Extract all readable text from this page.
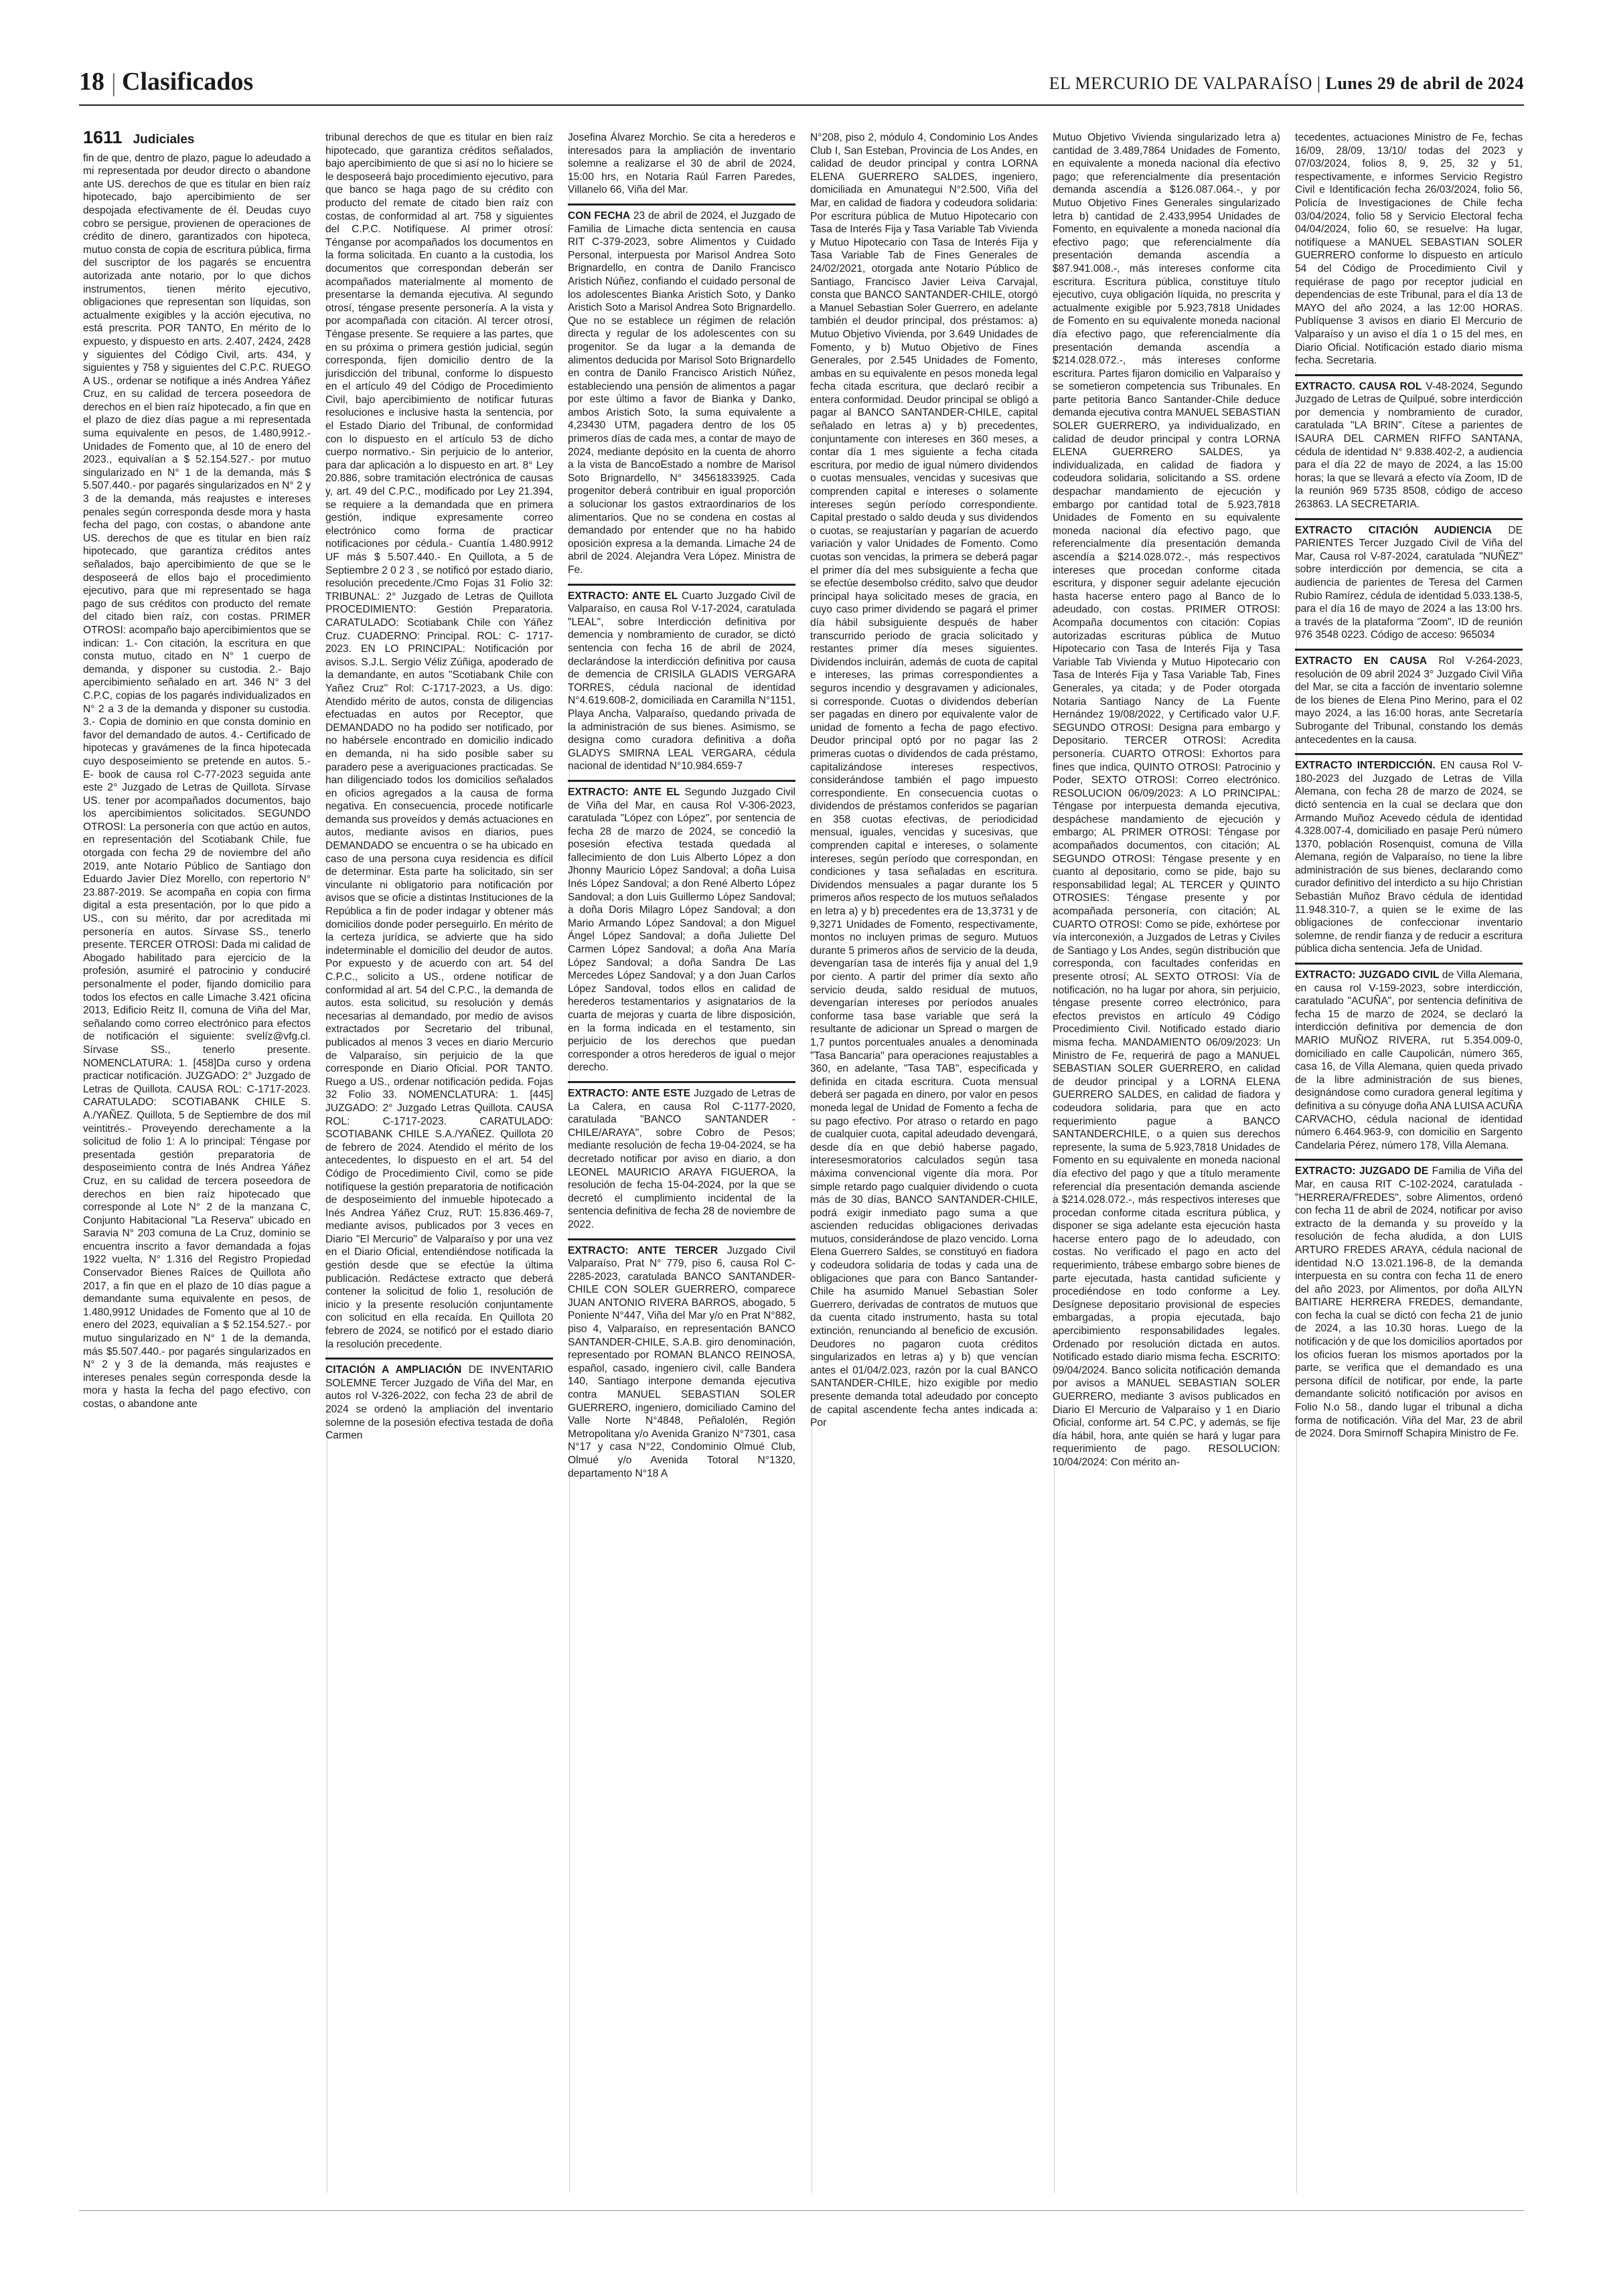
18 | Clasificados	EL MERCURIO DE VALPARAÍSO | Lunes 29 de abril de 2024
1611 Judiciales

fin de que, dentro de plazo, pague lo adeudado a mi representada por deudor directo o abandone ante US. derechos de que es titular en bien raíz hipotecado, bajo apercibimiento de ser despojada efectivamente de él. Deudas cuyo cobro se persigue, provienen de operaciones de crédito de dinero, garantizados con hipoteca, mutuo consta de copia de escritura pública, firma del suscriptor de los pagarés se encuentra autorizada ante notario, por lo que dichos instrumentos, tienen mérito ejecutivo, obligaciones que representan son líquidas, son actualmente exigibles y la acción ejecutiva, no está prescrita. POR TANTO, En mérito de lo expuesto, y dispuesto en arts. 2.407, 2424, 2428 y siguientes del Código Civil, arts. 434, y siguientes y 758 y siguientes del C.P.C. RUEGO A US., ordenar se notifique a inés Andrea Yáñez Cruz, en su calidad de tercera poseedora de derechos en el bien raíz hipotecado, a fin que en el plazo de diez días pague a mi representada suma equivalente en pesos, de 1.480,9912.- Unidades de Fomento que, al 10 de enero del 2023., equivalían a $ 52.154.527.- por mutuo singularizado en N° 1 de la demanda, más $ 5.507.440.- por pagarés singularizados en N° 2 y 3 de la demanda, más reajustes e intereses penales según corresponda desde mora y hasta fecha del pago, con costas, o abandone ante US. derechos de que es titular en bien raíz hipotecado, que garantiza créditos antes señalados, bajo apercibimiento de que se le desposeerá de ellos bajo el procedimiento ejecutivo, para que mi representado se haga pago de sus créditos con producto del remate del citado bien raíz, con costas. PRIMER OTROSI: acompaño bajo apercibimientos que se indican: 1.- Con citación, la escritura en que consta mutuo, citado en N° 1 cuerpo de demanda, y disponer su custodia. 2.- Bajo apercibimiento señalado en art. 346 N° 3 del C.P.C, copias de los pagarés individualizados en N° 2 a 3 de la demanda y disponer su custodia. 3.- Copia de dominio en que consta dominio en favor del demandado de autos. 4.- Certificado de hipotecas y gravámenes de la finca hipotecada cuyo desposeimiento se pretende en autos. 5.- E- book de causa rol C-77-2023 seguida ante este 2° Juzgado de Letras de Quillota. Sírvase US. tener por acompañados documentos, bajo los apercibimientos solicitados. SEGUNDO OTROSI: La personería con que actúo en autos, en representación del Scotiabank Chile, fue otorgada con fecha 29 de noviembre del año 2019, ante Notario Público de Santiago don Eduardo Javier Díez Morello, con repertorio N° 23.887-2019. Se acompaña en copia con firma digital a esta presentación, por lo que pido a US., con su mérito, dar por acreditada mi personería en autos. Sírvase SS., tenerlo presente. TERCER OTROSI: Dada mi calidad de Abogado habilitado para ejercicio de la profesión, asumiré el patrocinio y conduciré personalmente el poder, fijando domicilio para todos los efectos en calle Limache 3.421 oficina 2013, Edificio Reitz II, comuna de Viña del Mar, señalando como correo electrónico para efectos de notificación el siguiente: svelíz@vfg.cl. Sírvase SS., tenerlo presente. NOMENCLATURA: 1. [458]Da curso y ordena practicar notificación. JUZGADO: 2° Juzgado de Letras de Quillota. CAUSA ROL: C-1717-2023. CARATULADO: SCOTIABANK CHILE S. A./YAÑEZ. Quillota, 5 de Septiembre de dos mil veintitrés.- Proveyendo derechamente a la solicitud de folio 1: A lo principal: Téngase por presentada gestión preparatoria de desposeimiento contra de Inés Andrea Yáñez Cruz, en su calidad de tercera poseedora de derechos en bien raíz hipotecado que corresponde al Lote N° 2 de la manzana C, Conjunto Habitacional "La Reserva" ubicado en Saravia N° 203 comuna de La Cruz, dominio se encuentra inscrito a favor demandada a fojas 1922 vuelta, N° 1.316 del Registro Propiedad Conservador Bienes Raíces de Quillota año 2017, a fin que en el plazo de 10 días pague a demandante suma equivalente en pesos, de 1.480,9912 Unidades de Fomento que al 10 de enero del 2023, equivalían a $ 52.154.527.- por mutuo singularizado en N° 1 de la demanda, más $5.507.440.- por pagarés singularizados en N° 2 y 3 de la demanda, más reajustes e intereses penales según corresponda desde la mora y hasta la fecha del pago efectivo, con costas, o abandone ante

tribunal derechos de que es titular en bien raíz hipotecado, que garantiza créditos señalados, bajo apercibimiento de que si así no lo hiciere se le desposeerá bajo procedimiento ejecutivo, para que banco se haga pago de su crédito con producto del remate de citado bien raíz con costas, de conformidad al art. 758 y siguientes del C.P.C. Notifíquese. Al primer otrosí: Ténganse por acompañados los documentos en la forma solicitada. En cuanto a la custodia, los documentos que correspondan deberán ser acompañados materialmente al momento de presentarse la demanda ejecutiva. Al segundo otrosí, téngase presente personería. A la vista y por acompañada con citación. Al tercer otrosí, Téngase presente. Se requiere a las partes, que en su próxima o primera gestión judicial, según corresponda, fijen domicilio dentro de la jurisdicción del tribunal, conforme lo dispuesto en el artículo 49 del Código de Procedimiento Civil, bajo apercibimiento de notificar futuras resoluciones e inclusive hasta la sentencia, por el Estado Diario del Tribunal, de conformidad con lo dispuesto en el artículo 53 de dicho cuerpo normativo.- Sin perjuicio de lo anterior, para dar aplicación a lo dispuesto en art. 8° Ley 20.886, sobre tramitación electrónica de causas y, art. 49 del C.P.C., modificado por Ley 21.394, se requiere a la demandada que en primera gestión, indique expresamente correo electrónico como forma de practicar notificaciones por cédula.- Cuantía 1.480.9912 UF más $ 5.507.440.- En Quillota, a 5 de Septiembre 2 0 2 3 , se notificó por estado diario, resolución precedente./Cmo Fojas 31 Folio 32: TRIBUNAL: 2° Juzgado de Letras de Quillota PROCEDIMIENTO: Gestión Preparatoria. CARATULADO: Scotiabank Chile con Yáñez Cruz. CUADERNO: Principal. ROL: C- 1717-2023. EN LO PRINCIPAL: Notificación por avisos. S.J.L. Sergio Véliz Zúñiga, apoderado de la demandante, en autos "Scotiabank Chile con Yañez Cruz" Rol: C-1717-2023, a Us. digo: Atendido mérito de autos, consta de diligencias efectuadas en autos por Receptor, que DEMANDADO no ha podido ser notificado, por no habérsele encontrado en domicilio indicado en demanda, ni ha sido posible saber su paradero pese a averiguaciones practicadas. Se han diligenciado todos los domicilios señalados en oficios agregados a la causa de forma negativa. En consecuencia, procede notificarle demanda sus proveídos y demás actuaciones en autos, mediante avisos en diarios, pues DEMANDADO se encuentra o se ha ubicado en caso de una persona cuya residencia es difícil de determinar. Esta parte ha solicitado, sin ser vinculante ni obligatorio para notificación por avisos que se oficie a distintas Instituciones de la República a fin de poder indagar y obtener más domicilios donde poder perseguirlo. En mérito de la certeza jurídica, se advierte que ha sido indeterminable el domicilio del deudor de autos. Por expuesto y de acuerdo con art. 54 del C.P.C., solicito a US., ordene notificar de conformidad al art. 54 del C.P.C., la demanda de autos. esta solicitud, su resolución y demás necesarias al demandado, por medio de avisos extractados por Secretario del tribunal, publicados al menos 3 veces en diario Mercurio de Valparaíso, sin perjuicio de la que corresponde en Diario Oficial. POR TANTO. Ruego a US., ordenar notificación pedida. Fojas 32 Folio 33. NOMENCLATURA: 1. [445] JUZGADO: 2° Juzgado Letras Quillota. CAUSA ROL: C-1717-2023. CARATULADO: SCOTIABANK CHILE S.A./YAÑEZ. Quillota 20 de febrero de 2024. Atendido el mérito de los antecedentes, lo dispuesto en el art. 54 del Código de Procedimiento Civil, como se pide notifíquese la gestión preparatoria de notificación de desposeimiento del inmueble hipotecado a Inés Andrea Yáñez Cruz, RUT: 15.836.469-7, mediante avisos, publicados por 3 veces en Diario "El Mercurio" de Valparaíso y por una vez en el Diario Oficial, entendiéndose notificada la gestión desde que se efectúe la última publicación. Redáctese extracto que deberá contener la solicitud de folio 1, resolución de inicio y la presente resolución conjuntamente con solicitud en ella recaída. En Quillota 20 febrero de 2024, se notificó por el estado diario la resolución precedente.

CITACIÓN A AMPLIACIÓN DE INVENTARIO SOLEMNE Tercer Juzgado de Viña del Mar, en autos rol V-326-2022, con fecha 23 de abril de 2024 se ordenó la ampliación del inventario solemne de la posesión efectiva testada de doña Carmen

Josefina Álvarez Morchio. Se cita a herederos e interesados para la ampliación de inventario solemne a realizarse el 30 de abril de 2024, 15:00 hrs, en Notaria Raúl Farren Paredes, Villanelo 66, Viña del Mar.

CON FECHA 23 de abril de 2024, el Juzgado de Familia de Limache dicta sentencia en causa RIT C-379-2023, sobre Alimentos y Cuidado Personal, interpuesta por Marisol Andrea Soto Brignardello, en contra de Danilo Francisco Aristich Núñez, confiando el cuidado personal de los adolescentes Bianka Aristich Soto, y Danko Aristich Soto a Marisol Andrea Soto Brignardello. Que no se establece un régimen de relación directa y regular de los adolescentes con su progenitor. Se da lugar a la demanda de alimentos deducida por Marisol Soto Brignardello en contra de Danilo Francisco Aristich Núñez, estableciendo una pensión de alimentos a pagar por este último a favor de Bianka y Danko, ambos Aristich Soto, la suma equivalente a 4,23430 UTM, pagadera dentro de los 05 primeros días de cada mes, a contar de mayo de 2024, mediante depósito en la cuenta de ahorro a la vista de BancoEstado a nombre de Marisol Soto Brignardello, N° 34561833925. Cada progenitor deberá contribuir en igual proporción a solucionar los gastos extraordinarios de los alimentarios. Que no se condena en costas al demandado por entender que no ha habido oposición expresa a la demanda. Limache 24 de abril de 2024. Alejandra Vera López. Ministra de Fe.

EXTRACTO: ANTE EL Cuarto Juzgado Civil de Valparaíso, en causa Rol V-17-2024, caratulada "LEAL", sobre Interdicción definitiva por demencia y nombramiento de curador, se dictó sentencia con fecha 16 de abril de 2024, declarándose la interdicción definitiva por causa de demencia de CRISILA GLADIS VERGARA TORRES, cédula nacional de identidad N°4.619.608-2, domiciliada en Caramilla N°1151, Playa Ancha, Valparaíso, quedando privada de la administración de sus bienes. Asimismo, se designa como curadora definitiva a doña GLADYS SMIRNA LEAL VERGARA, cédula nacional de identidad N°10.984.659-7

EXTRACTO: ANTE EL Segundo Juzgado Civil de Viña del Mar, en causa Rol V-306-2023, caratulada "López con López", por sentencia de fecha 28 de marzo de 2024, se concedió la posesión efectiva testada quedada al fallecimiento de don Luis Alberto López a don Jhonny Mauricio López Sandoval; a doña Luisa Inés López Sandoval; a don René Alberto López Sandoval; a don Luis Guillermo López Sandoval; a doña Doris Milagro López Sandoval; a don Mario Armando López Sandoval; a don Miguel Ángel López Sandoval; a doña Juliette Del Carmen López Sandoval; a doña Ana María López Sandoval; a doña Sandra De Las Mercedes López Sandoval; y a don Juan Carlos López Sandoval, todos ellos en calidad de herederos testamentarios y asignatarios de la cuarta de mejoras y cuarta de libre disposición, en la forma indicada en el testamento, sin perjuicio de los derechos que puedan corresponder a otros herederos de igual o mejor derecho.

EXTRACTO: ANTE ESTE Juzgado de Letras de La Calera, en causa Rol C-1177-2020, caratulada "BANCO SANTANDER - CHILE/ARAYA", sobre Cobro de Pesos; mediante resolución de fecha 19-04-2024, se ha decretado notificar por aviso en diario, a don LEONEL MAURICIO ARAYA FIGUEROA, la resolución de fecha 15-04-2024, por la que se decretó el cumplimiento incidental de la sentencia definitiva de fecha 28 de noviembre de 2022.

EXTRACTO: ANTE TERCER Juzgado Civil Valparaíso, Prat N° 779, piso 6, causa Rol C-2285-2023, caratulada BANCO SANTANDER-CHILE CON SOLER GUERRERO, comparece JUAN ANTONIO RIVERA BARROS, abogado, 5 Poniente N°447, Viña del Mar y/o en Prat N°882, piso 4, Valparaíso, en representación BANCO SANTANDER-CHILE, S.A.B. giro denominación, representado por ROMAN BLANCO REINOSA, español, casado, ingeniero civil, calle Bandera 140, Santiago interpone demanda ejecutiva contra MANUEL SEBASTIAN SOLER GUERRERO, ingeniero, domiciliado Camino del Valle Norte N°4848, Peñalolén, Región Metropolitana y/o Avenida Granizo N°7301, casa N°17 y casa N°22, Condominio Olmué Club, Olmué y/o Avenida Totoral N°1320, departamento N°18 A

N°208, piso 2, módulo 4, Condominio Los Andes Club I, San Esteban, Provincia de Los Andes, en calidad de deudor principal y contra LORNA ELENA GUERRERO SALDES, ingeniero, domiciliada en Amunategui N°2.500, Viña del Mar, en calidad de fiadora y codeudora solidaria: Por escritura pública de Mutuo Hipotecario con Tasa de Interés Fija y Tasa Variable Tab Vivienda y Mutuo Hipotecario con Tasa de Interés Fija y Tasa Variable Tab de Fines Generales de 24/02/2021, otorgada ante Notario Público de Santiago, Francisco Javier Leiva Carvajal, consta que BANCO SANTANDER-CHILE, otorgó a Manuel Sebastian Soler Guerrero, en adelante también el deudor principal, dos préstamos: a) Mutuo Objetivo Vivienda, por 3.649 Unidades de Fomento, y b) Mutuo Objetivo de Fines Generales, por 2.545 Unidades de Fomento, ambas en su equivalente en pesos moneda legal fecha citada escritura, que declaró recibir a entera conformidad. Deudor principal se obligó a pagar al BANCO SANTANDER-CHILE, capital señalado en letras a) y b) precedentes, conjuntamente con intereses en 360 meses, a contar día 1 mes siguiente a fecha citada escritura, por medio de igual número dividendos o cuotas mensuales, vencidas y sucesivas que comprenden capital e intereses o solamente intereses según período correspondiente. Capital prestado o saldo deuda y sus dividendos o cuotas, se reajustarían y pagarían de acuerdo variación y valor Unidades de Fomento. Como cuotas son vencidas, la primera se deberá pagar el primer día del mes subsiguiente a fecha que se efectúe desembolso crédito, salvo que deudor principal haya solicitado meses de gracia, en cuyo caso primer dividendo se pagará el primer día hábil subsiguiente después de haber transcurrido periodo de gracia solicitado y restantes primer día meses siguientes. Dividendos incluirán, además de cuota de capital e intereses, las primas correspondientes a seguros incendio y desgravamen y adicionales, si corresponde. Cuotas o dividendos deberían ser pagadas en dinero por equivalente valor de unidad de fomento a fecha de pago efectivo. Deudor principal optó por no pagar las 2 primeras cuotas o dividendos de cada préstamo, capitalizándose intereses respectivos, considerándose también el pago impuesto correspondiente. En consecuencia cuotas o dividendos de préstamos conferidos se pagarían en 358 cuotas efectivas, de periodicidad mensual, iguales, vencidas y sucesivas, que comprenden capital e intereses, o solamente intereses, según período que correspondan, en condiciones y tasa señaladas en escritura. Dividendos mensuales a pagar durante los 5 primeros años respecto de los mutuos señalados en letra a) y b) precedentes era de 13,3731 y de 9,3271 Unidades de Fomento, respectivamente, montos no incluyen primas de seguro. Mutuos durante 5 primeros años de servicio de la deuda, devengarían tasa de interés fija y anual del 1,9 por ciento. A partir del primer día sexto año servicio deuda, saldo residual de mutuos, devengarían intereses por períodos anuales conforme tasa base variable que será la resultante de adicionar un Spread o margen de 1,7 puntos porcentuales anuales a denominada "Tasa Bancaria" para operaciones reajustables a 360, en adelante, "Tasa TAB", especificada y definida en citada escritura. Cuota mensual deberá ser pagada en dinero, por valor en pesos moneda legal de Unidad de Fomento a fecha de su pago efectivo. Por atraso o retardo en pago de cualquier cuota, capital adeudado devengará, desde día en que debió haberse pagado, interesesmoratorios calculados según tasa máxima convencional vigente día mora. Por simple retardo pago cualquier dividendo o cuota más de 30 días, BANCO SANTANDER-CHILE, podrá exigir inmediato pago suma a que ascienden reducidas obligaciones derivadas mutuos, considerándose de plazo vencido. Lorna Elena Guerrero Saldes, se constituyó en fiadora y codeudora solidaria de todas y cada una de obligaciones que para con Banco Santander-Chile ha asumido Manuel Sebastian Soler Guerrero, derivadas de contratos de mutuos que da cuenta citado instrumento, hasta su total extinción, renunciando al beneficio de excusión. Deudores no pagaron cuota créditos singularizados en letras a) y b) que vencían antes el 01/04/2.023, razón por la cual BANCO SANTANDER-CHILE, hizo exigible por medio presente demanda total adeudado por concepto de capital ascendente fecha antes indicada a: Por

Mutuo Objetivo Vivienda singularizado letra a) cantidad de 3.489,7864 Unidades de Fomento, en equivalente a moneda nacional día efectivo pago; que referencialmente día presentación demanda ascendía a $126.087.064.-, y por Mutuo Objetivo Fines Generales singularizado letra b) cantidad de 2.433,9954 Unidades de Fomento, en equivalente a moneda nacional día efectivo pago; que referencialmente día presentación demanda ascendía a $87.941.008.-, más intereses conforme cita escritura. Escritura pública, constituye título ejecutivo, cuya obligación líquida, no prescrita y actualmente exigible por 5.923,7818 Unidades de Fomento en su equivalente moneda nacional día efectivo pago, que referencialmente día presentación demanda ascendía a $214.028.072.-, más intereses conforme escritura. Partes fijaron domicilio en Valparaíso y se sometieron competencia sus Tribunales. En parte petitoria Banco Santander-Chile deduce demanda ejecutiva contra MANUEL SEBASTIAN SOLER GUERRERO, ya individualizado, en calidad de deudor principal y contra LORNA ELENA GUERRERO SALDES, ya individualizada, en calidad de fiadora y codeudora solidaria, solicitando a SS. ordene despachar mandamiento de ejecución y embargo por cantidad total de 5.923,7818 Unidades de Fomento en su equivalente moneda nacional día efectivo pago, que referencialmente día presentación demanda ascendía a $214.028.072.-, más respectivos intereses que procedan conforme citada escritura, y disponer seguir adelante ejecución hasta hacerse entero pago al Banco de lo adeudado, con costas. PRIMER OTROSI: Acompaña documentos con citación: Copias autorizadas escrituras pública de Mutuo Hipotecario con Tasa de Interés Fija y Tasa Variable Tab Vivienda y Mutuo Hipotecario con Tasa de Interés Fija y Tasa Variable Tab, Fines Generales, ya citada; y de Poder otorgada Notaria Santiago Nancy de La Fuente Hernández 19/08/2022, y Certificado valor U.F. SEGUNDO OTROSI: Designa para embargo y Depositario. TERCER OTROSI: Acredita personería. CUARTO OTROSI: Exhortos para fines que indica, QUINTO OTROSI: Patrocinio y Poder, SEXTO OTROSI: Correo electrónico. RESOLUCION 06/09/2023: A LO PRINCIPAL: Téngase por interpuesta demanda ejecutiva, despáchese mandamiento de ejecución y embargo; AL PRIMER OTROSI: Téngase por acompañados documentos, con citación; AL SEGUNDO OTROSI: Téngase presente y en cuanto al depositario, como se pide, bajo su responsabilidad legal; AL TERCER y QUINTO OTROSIES: Téngase presente y por acompañada personería, con citación; AL CUARTO OTROSI: Como se pide, exhórtese por vía interconexión, a Juzgados de Letras y Civiles de Santiago y Los Andes, según distribución que corresponda, con facultades conferidas en presente otrosí; AL SEXTO OTROSI: Vía de notificación, no ha lugar por ahora, sin perjuicio, téngase presente correo electrónico, para efectos previstos en artículo 49 Código Procedimiento Civil. Notificado estado diario misma fecha. MANDAMIENTO 06/09/2023: Un Ministro de Fe, requerirá de pago a MANUEL SEBASTIAN SOLER GUERRERO, en calidad de deudor principal y a LORNA ELENA GUERRERO SALDES, en calidad de fiadora y codeudora solidaria, para que en acto requerimiento pague a BANCO SANTANDERCHILE, o a quien sus derechos represente, la suma de 5.923,7818 Unidades de Fomento en su equivalente en moneda nacional día efectivo del pago y que a título meramente referencial día presentación demanda asciende a $214.028.072.-, más respectivos intereses que procedan conforme citada escritura pública, y disponer se siga adelante esta ejecución hasta hacerse entero pago de lo adeudado, con costas. No verificado el pago en acto del requerimiento, trábese embargo sobre bienes de parte ejecutada, hasta cantidad suficiente y procediéndose en todo conforme a Ley. Desígnese depositario provisional de especies embargadas, a propia ejecutada, bajo apercibimiento responsabilidades legales. Ordenado por resolución dictada en autos. Notificado estado diario misma fecha. ESCRITO: 09/04/2024. Banco solicita notificación demanda por avisos a MANUEL SEBASTIAN SOLER GUERRERO, mediante 3 avisos publicados en Diario El Mercurio de Valparaíso y 1 en Diario Oficial, conforme art. 54 C.PC, y además, se fije día hábil, hora, ante quién se hará y lugar para requerimiento de pago. RESOLUCION: 10/04/2024: Con mérito an-

tecedentes, actuaciones Ministro de Fe, fechas 16/09, 28/09, 13/10/ todas del 2023 y 07/03/2024, folios 8, 9, 25, 32 y 51, respectivamente, e informes Servicio Registro Civil e Identificación fecha 26/03/2024, folio 56, Policía de Investigaciones de Chile fecha 03/04/2024, folio 58 y Servicio Electoral fecha 04/04/2024, folio 60, se resuelve: Ha lugar, notifíquese a MANUEL SEBASTIAN SOLER GUERRERO conforme lo dispuesto en artículo 54 del Código de Procedimiento Civil y requiérase de pago por receptor judicial en dependencias de este Tribunal, para el día 13 de MAYO del año 2024, a las 12:00 HORAS. Publíquense 3 avisos en diario El Mercurio de Valparaíso y un aviso el día 1 o 15 del mes, en Diario Oficial. Notificación estado diario misma fecha. Secretaria.

EXTRACTO. CAUSA ROL V-48-2024, Segundo Juzgado de Letras de Quilpué, sobre interdicción por demencia y nombramiento de curador, caratulada "LA BRIN". Cítese a parientes de ISAURA DEL CARMEN RIFFO SANTANA, cédula de identidad N° 9.838.402-2, a audiencia para el día 22 de mayo de 2024, a las 15:00 horas; la que se llevará a efecto vía Zoom, ID de la reunión 969 5735 8508, código de acceso 263863. LA SECRETARIA.

EXTRACTO CITACIÓN AUDIENCIA DE PARIENTES Tercer Juzgado Civil de Viña del Mar, Causa rol V-87-2024, caratulada "NUÑEZ" sobre interdicción por demencia, se cita a audiencia de parientes de Teresa del Carmen Rubio Ramírez, cédula de identidad 5.033.138-5, para el día 16 de mayo de 2024 a las 13:00 hrs. a través de la plataforma "Zoom", ID de reunión 976 3548 0223. Código de acceso: 965034

EXTRACTO EN CAUSA Rol V-264-2023, resolución de 09 abril 2024 3° Juzgado Civil Viña del Mar, se cita a facción de inventario solemne de los bienes de Elena Pino Merino, para el 02 mayo 2024, a las 16:00 horas, ante Secretaría Subrogante del Tribunal, constando los demás antecedentes en la causa.

EXTRACTO INTERDICCIÓN. EN causa Rol V-180-2023 del Juzgado de Letras de Villa Alemana, con fecha 28 de marzo de 2024, se dictó sentencia en la cual se declara que don Armando Muñoz Acevedo cédula de identidad 4.328.007-4, domiciliado en pasaje Perú número 1370, población Rosenquist, comuna de Villa Alemana, región de Valparaíso, no tiene la libre administración de sus bienes, declarando como curador definitivo del interdicto a su hijo Christian Sebastián Muñoz Bravo cédula de identidad 11.948.310-7, a quien se le exime de las obligaciones de confeccionar inventario solemne, de rendir fianza y de reducir a escritura pública dicha sentencia. Jefa de Unidad.

EXTRACTO: JUZGADO CIVIL de Villa Alemana, en causa rol V-159-2023, sobre interdicción, caratulado "ACUÑA", por sentencia definitiva de fecha 15 de marzo de 2024, se declaró la interdicción definitiva por demencia de don MARIO MUÑOZ RIVERA, rut 5.354.009-0, domiciliado en calle Caupolicán, número 365, casa 16, de Villa Alemana, quien queda privado de la libre administración de sus bienes, designándose como curadora general legítima y definitiva a su cónyuge doña ANA LUISA ACUÑA CARVACHO, cédula nacional de identidad número 6.464.963-9, con domicilio en Sargento Candelaria Pérez, número 178, Villa Alemana.

EXTRACTO: JUZGADO DE Familia de Viña del Mar, en causa RIT C-102-2024, caratulada - "HERRERA/FREDES", sobre Alimentos, ordenó con fecha 11 de abril de 2024, notificar por aviso extracto de la demanda y su proveído y la resolución de fecha aludida, a don LUIS ARTURO FREDES ARAYA, cédula nacional de identidad N.O 13.021.196-8, de la demanda interpuesta en su contra con fecha 11 de enero del año 2023, por Alimentos, por doña AILYN BAITIARE HERRERA FREDES, demandante, con fecha la cual se dictó con fecha 21 de junio de 2024, a las 10.30 horas. Luego de la notificación y de que los domicilios aportados por los oficios fueran los mismos aportados por la parte, se verifica que el demandado es una persona difícil de notificar, por ende, la parte demandante solicitó notificación por avisos en Folio N.o 58., dando lugar el tribunal a dicha forma de notificación. Viña del Mar, 23 de abril de 2024. Dora Smirnoff Schapira Ministro de Fe.
